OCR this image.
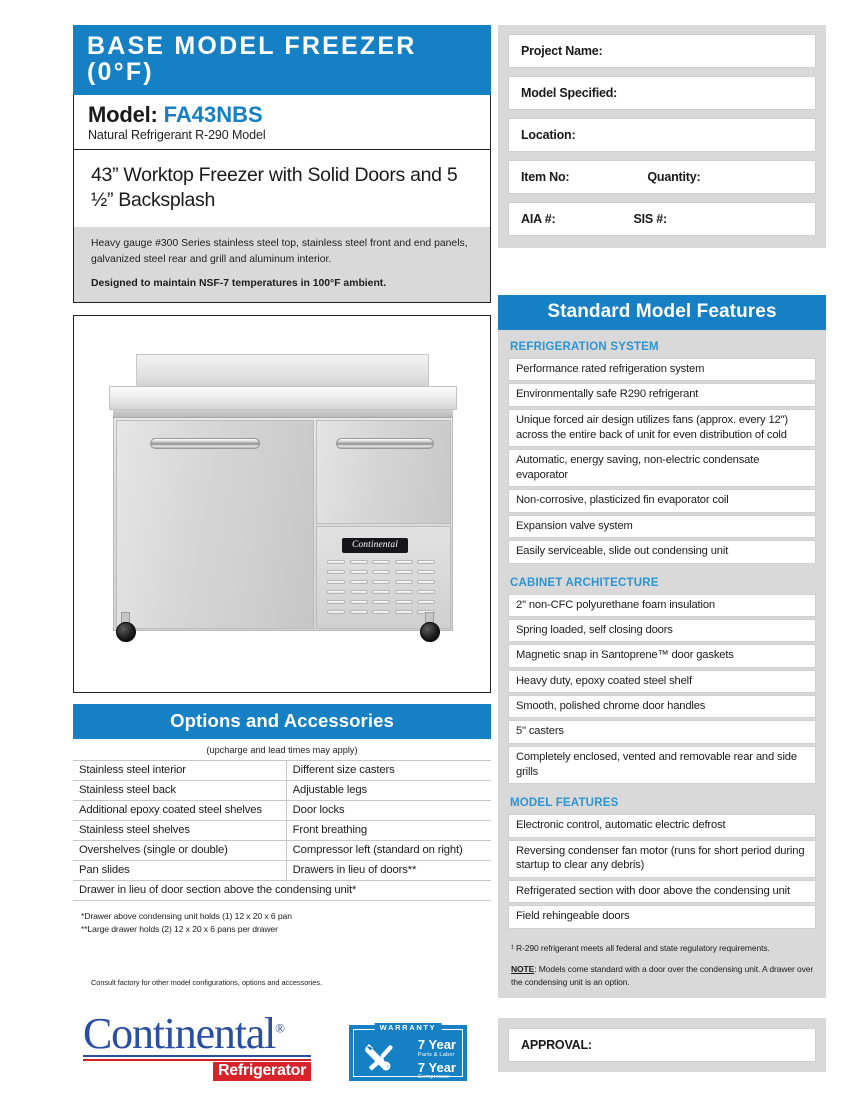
BASE MODEL FREEZER (0°F)
Model: FA43NBS
Natural Refrigerant R-290 Model
43” Worktop Freezer with Solid Doors and 5 ½” Backsplash
Heavy gauge #300 Series stainless steel top, stainless steel front and end panels, galvanized steel rear and grill and aluminum interior.
Designed to maintain NSF-7 temperatures in 100°F ambient.
Continental
Options and Accessories
(upcharge and lead times may apply)
Stainless steel interior	Different size casters
Stainless steel back	Adjustable legs
Additional epoxy coated steel shelves	Door locks
Stainless steel shelves	Front breathing
Overshelves (single or double)	Compressor left (standard on right)
Pan slides	Drawers in lieu of doors**
Drawer in lieu of door section above the condensing unit*	
*Drawer above condensing unit holds (1) 12 x 20 x 6 pan
**Large drawer holds (2) 12 x 20 x 6 pans per drawer
Consult factory for other model configurations, options and accessories.
Continental®
Refrigerator
WARRANTY
7 Year
Parts & Labor
7 Year
Compressor
Project Name:
Model Specified:
Location:
Item No:	Quantity:
AIA #:	SIS #:
Standard Model Features
REFRIGERATION SYSTEM
Performance rated refrigeration system
Environmentally safe R290 refrigerant
Unique forced air design utilizes fans (approx. every 12") across the entire back of unit for even distribution of cold
Automatic, energy saving, non-electric condensate evaporator
Non-corrosive, plasticized fin evaporator coil
Expansion valve system
Easily serviceable, slide out condensing unit
CABINET ARCHITECTURE
2" non-CFC polyurethane foam insulation
Spring loaded, self closing doors
Magnetic snap in Santoprene™ door gaskets
Heavy duty, epoxy coated steel shelf
Smooth, polished chrome door handles
5" casters
Completely enclosed, vented and removable rear and side grills
MODEL FEATURES
Electronic control, automatic electric defrost
Reversing condenser fan motor (runs for short period during startup to clear any debris)
Refrigerated section with door above the condensing unit
Field rehingeable doors
¹ R-290 refrigerant meets all federal and state regulatory requirements.
NOTE: Models come standard with a door over the condensing unit. A drawer over the condensing unit is an option.
APPROVAL:
